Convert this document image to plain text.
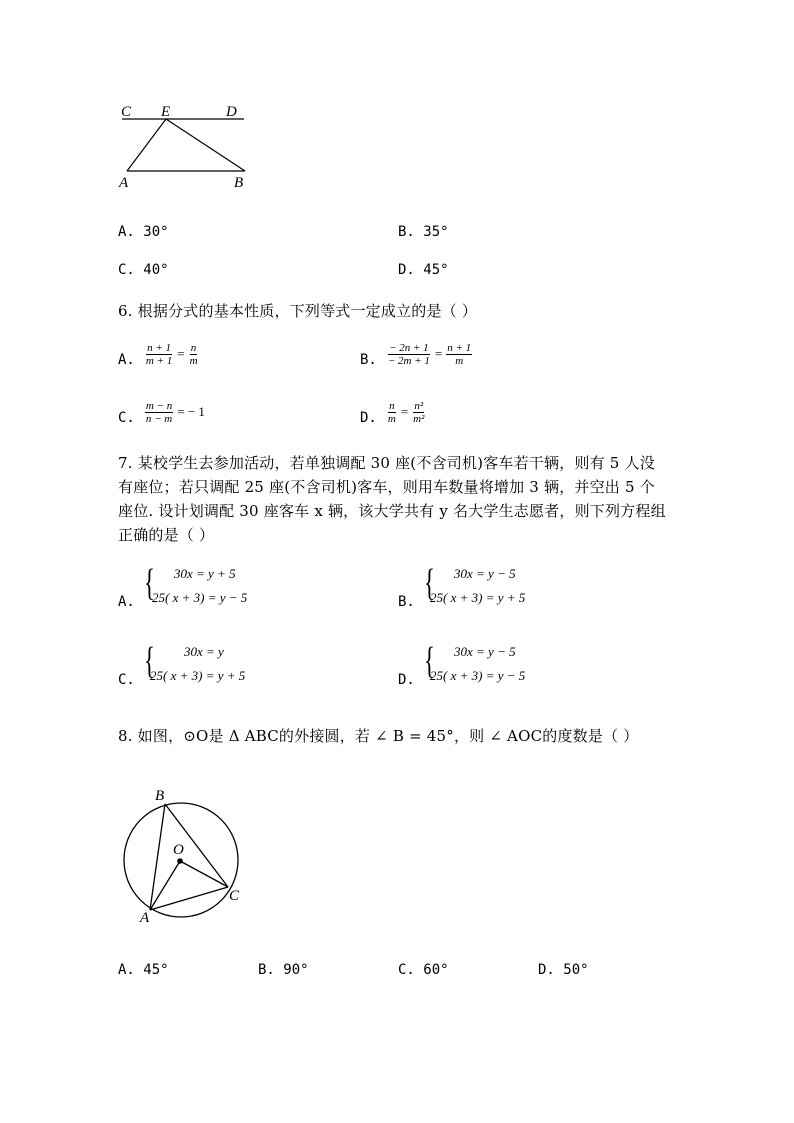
C E	D
A	B
A. 30°	B. 35°
C. 40°	D. 45°
6. 根据分式的基本性质，下列等式一定成立的是（ ）
A. $\frac{n + 1}{m + 1} = \frac{n}{m}$	B. $\frac{- 2n + 1}{- 2m + 1} = \frac{n + 1}{m}$
C. $\frac{m - n}{n - m}$ = − 1	D. $\frac{n}{m} = \frac{\text{n²}}{\text{m²}}$
7. 某校学生去参加活动，若单独调配 30 座(不含司机)客车若干辆，则有 5 人没
有座位；若只调配 25 座(不含司机)客车，则用车数量将增加 3 辆，并空出 5 个
座位. 设计划调配 30 座客车 x 辆，该大学共有 y 名大学生志愿者，则下列方程组
正确的是（ ）
A. { 30x = y + 5
25( x + 3) = y − 5	B. { 30x = y − 5
25( x + 3) = y + 5
C. { 30x = y
25( x + 3) = y + 5	D. { 30x = y − 5
25( x + 3) = y − 5
8. 如图，⊙O是 Δ ABC的外接圆，若 ∠ B = 45°，则 ∠ AOC的度数是（ ）
B
O
A
C
A. 45°	B. 90°	C. 60°	D. 50°
